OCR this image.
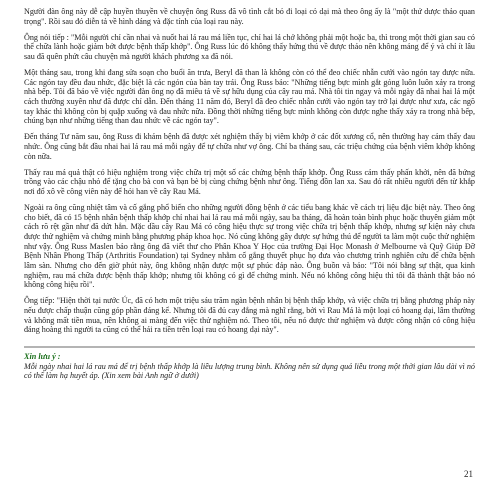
Người đàn ông này dễ cập huyền thuyền về chuyện ông Russ đã vô tình cắt bỏ đi loại cỏ dại mà theo ông ấy là "một thứ dược thảo quan trọng". Rồi sau đó diễn tả về hình dáng và đặc tính của loại rau này.

Ông nói tiếp : "Mỗi người chỉ cần nhai và nuốt hai lá rau má liền tục, chỉ hai lá chớ không phải một hoặc ba, thì trong một thời gian sau có thể chữa lành hoặc giảm bớt được bệnh thấp khớp". Ông Russ lúc đó không thấy hứng thú về được thảo nên không mảng để ý và chỉ ít lâu sau đã quên phứt câu chuyện mà người khách phương xa đã nói.

Một tháng sau, trong khi đang sửa soạn cho buổi ăn trưa, Beryl đã than là không còn có thể đeo chiếc nhẫn cưới vào ngón tay được nữa. Các ngón tay đều đau nhức, đặc biệt là các ngón của bàn tay trái. Ông Russ bảo: "Những tiếng bực mình gắt gỏng luôn luôn xảy ra trong nhà bếp. Tôi đã bảo về việc người đàn ông nọ đã miêu tả về sự hữu dụng của cây rau má. Nhà tôi tin ngay và mỗi ngày đã nhai hai lá một cách thường xuyên như đã được chỉ dẫn. Đến tháng 11 năm đó, Beryl đã đeo chiếc nhẫn cưới vào ngón tay trở lại được như xưa, các ngõ tay khác thì không còn bị quặp xuống và đau nhức nữa. Đồng thời những tiếng bực mình không còn được nghe thấy xảy ra trong nhà bếp, chúng bạn như những tiếng than đau nhức về các ngón tay".

Đến tháng Tư năm sau, ông Russ đi khám bệnh đã được xét nghiệm thấy bị viêm khớp ở các đốt xương cổ, nên thường hay cảm thấy đau nhức. Ông cũng bắt đầu nhai hai lá rau má mỗi ngày để tự chữa như vợ ông. Chỉ ba tháng sau, các triệu chứng của bệnh viêm khớp không còn nữa.

Thấy rau má quả thật có hiệu nghiệm trong việc chữa trị một số các chứng bệnh thấp khớp. Ông Russ cảm thấy phấn khởi, nên đã bứng trồng vào các chậu nhỏ để tặng cho bà con và bạn bè bị cùng chứng bệnh như ông. Tiếng đồn lan xa. Sau đó rất nhiều người đến từ khắp nơi đổ xô về công viên này để hỏi han về cây Rau Má.

Ngoài ra ông cũng nhiệt tâm và cố gắng phổ biến cho những người đồng bệnh ở các tiểu bang khác về cách trị liệu đặc biệt này. Theo ông cho biết, đã có 15 bệnh nhân bệnh thấp khớp chỉ nhai hai lá rau má mỗi ngày, sau ba tháng, đã hoàn toàn bình phục hoặc thuyên giảm một cách rõ rệt gần như đã dứt hẳn. Mặc dầu cây Rau Má có công hiệu thực sự trong việc chữa trị bệnh thấp khớp, nhưng sự kiện này chưa được thử nghiệm và chứng minh bằng phương pháp khoa học. Nó cũng không gây được sự hứng thú để người ta làm một cuộc thử nghiệm như vậy. Ông Russ Maslen bảo rằng ông đã viết thư cho Phân Khoa Y Học của trường Đại Học Monash ở Melbourne và Quỹ Giúp Đỡ Bệnh Nhân Phong Thấp (Arthritis Foundation) tại Sydney nhằm cố gắng thuyết phục họ đưa vào chương trình nghiên cứu để chữa bệnh lâm sàn. Nhưng cho đến giờ phút này, ông không nhận được một sự phúc đáp nào. Ông buồn và bảo: "Tôi nói bằng sự thật, qua kinh nghiệm, rau má chữa được bệnh thấp khớp; nhưng tôi không có gì để chứng minh. Nếu nó không công hiệu thì tôi đã thành thật bảo nó không công hiệu rồi".

Ông tiếp: "Hiện thời tại nước Úc, đã có hơn một triệu sáu trăm ngàn bệnh nhân bị bệnh thấp khớp, và việc chữa trị bằng phương pháp này nếu được chấp thuận cũng góp phần đáng kể. Nhưng tôi đã đủ cay đắng mà nghĩ rằng, bởi vì Rau Má là một loại cỏ hoang dại, lâm thường và không mất tiền mua, nên không ai màng đến việc thử nghiệm nó. Theo tôi, nếu nó được thử nghiệm và được công nhận có công hiệu đáng hoàng thì người ta cũng có thể hái ra tiền trên loại rau cỏ hoang dại này".

Xin lưu ý :

Mỗi ngày nhai hai lá rau má để trị bệnh thấp khớp là liều lượng trung bình. Không nên sử dụng quá liều trong một thời gian lâu dài vì nó có thể làm hạ huyết áp. (Xin xem bài Anh ngữ ở dưới)

21
